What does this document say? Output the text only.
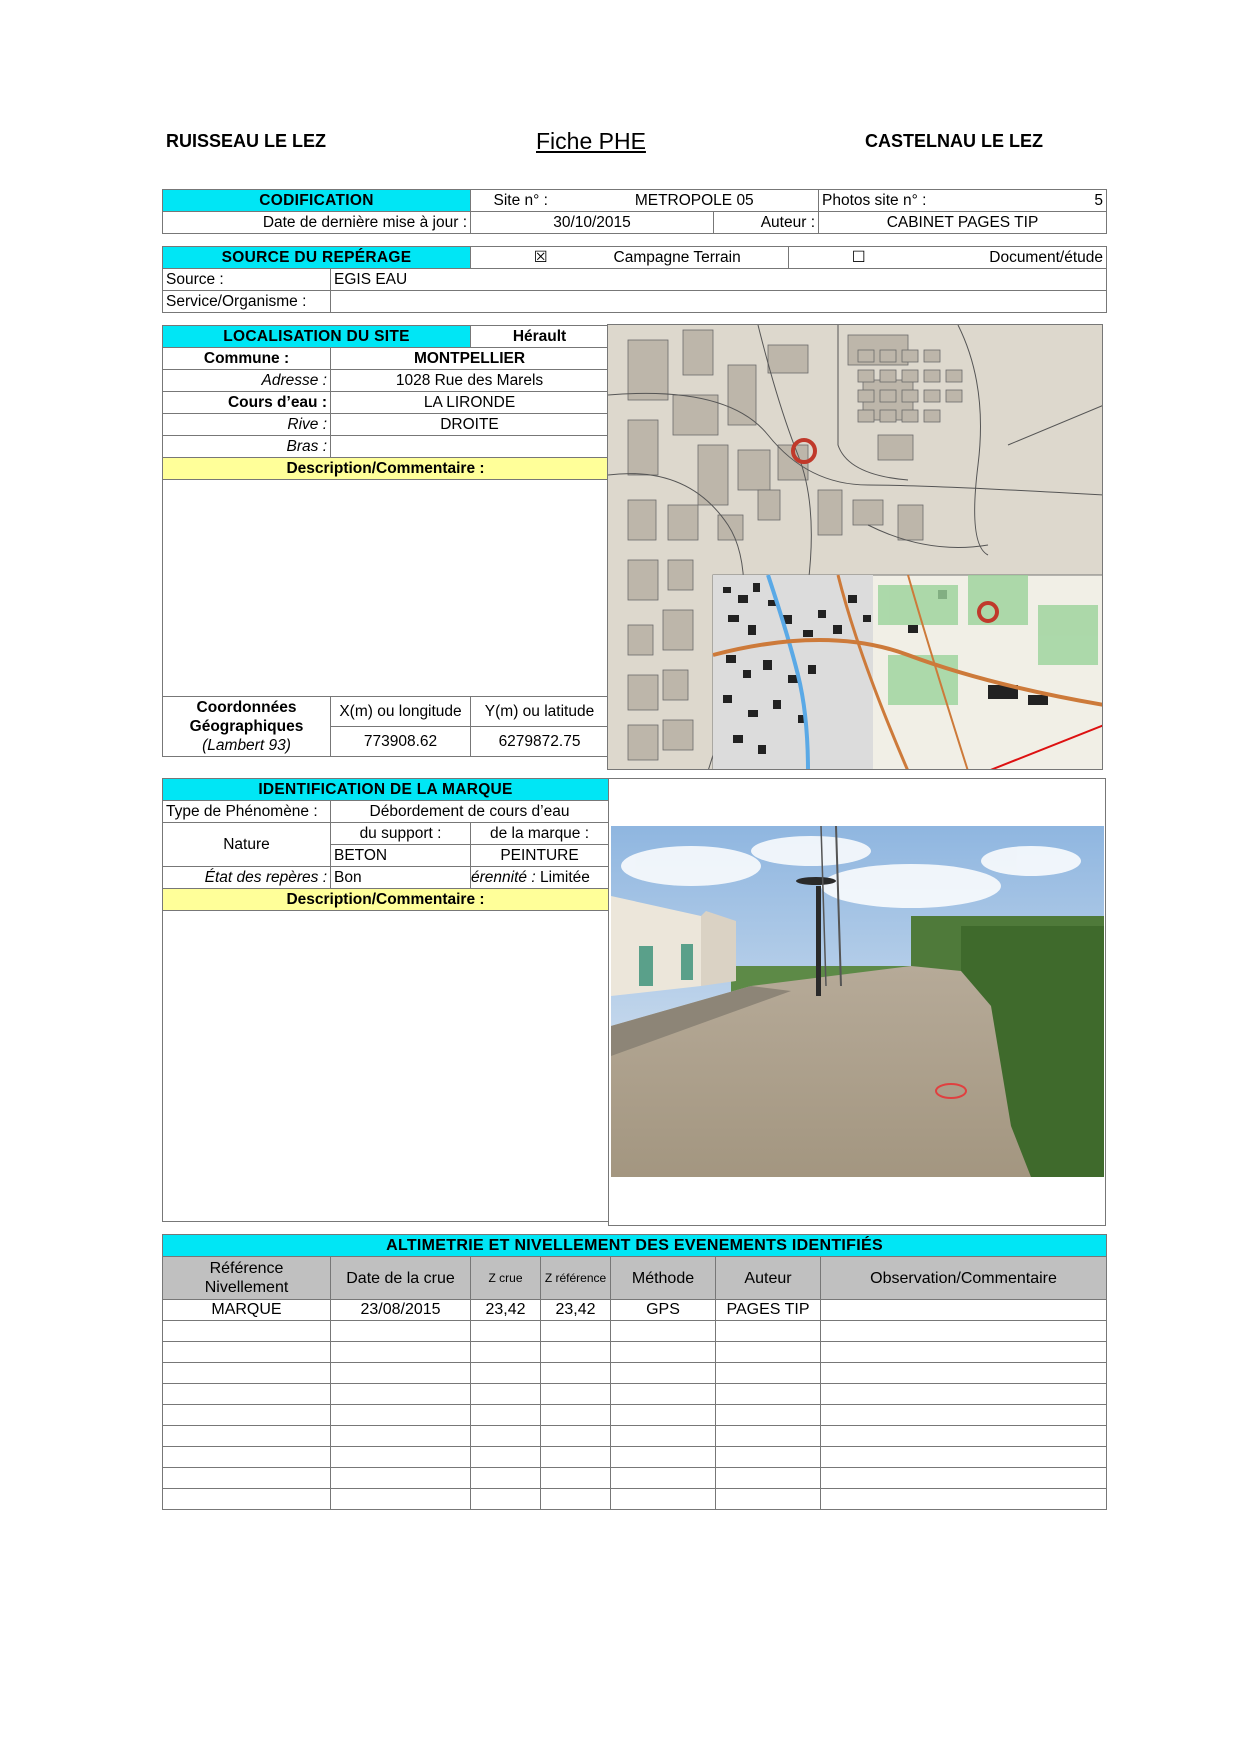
RUISSEAU LE LEZ	Fiche PHE	CASTELNAU LE LEZ
CODIFICATION	Site n° :	METROPOLE 05		Photos site n° :	5
Date de dernière mise à jour :	30/10/2015		Auteur :	CABINET PAGES TIP	
SOURCE DU REPÉRAGE		☒	Campagne Terrain	☐	Document/étude
Source :	EGIS EAU				
Service/Organisme :					
LOCALISATION DU SITE		Hérault
Commune :	MONTPELLIER	
Adresse :	1028 Rue des Marels	
Cours d’eau :	LA LIRONDE	
Rive :	DROITE	
Bras :		
Description/Commentaire :		

Coordonnées
Géographiques
(Lambert 93)	X(m) ou longitude	Y(m) ou latitude
	773908.62	6279872.75
IDENTIFICATION DE LA MARQUE		
Type de Phénomène :	Débordement de cours d’eau	
Nature	du support :	de la marque :
	BETON	PEINTURE
État des repères :	Bon	érennité : Limitée
Description/Commentaire :		

ALTIMETRIE ET NIVELLEMENT DES EVENEMENTS IDENTIFIÉS						
Référence Nivellement	Date de la crue	Z crue	Z référence	Méthode	Auteur	Observation/Commentaire
MARQUE	23/08/2015	23,42	23,42	GPS	PAGES TIP	
